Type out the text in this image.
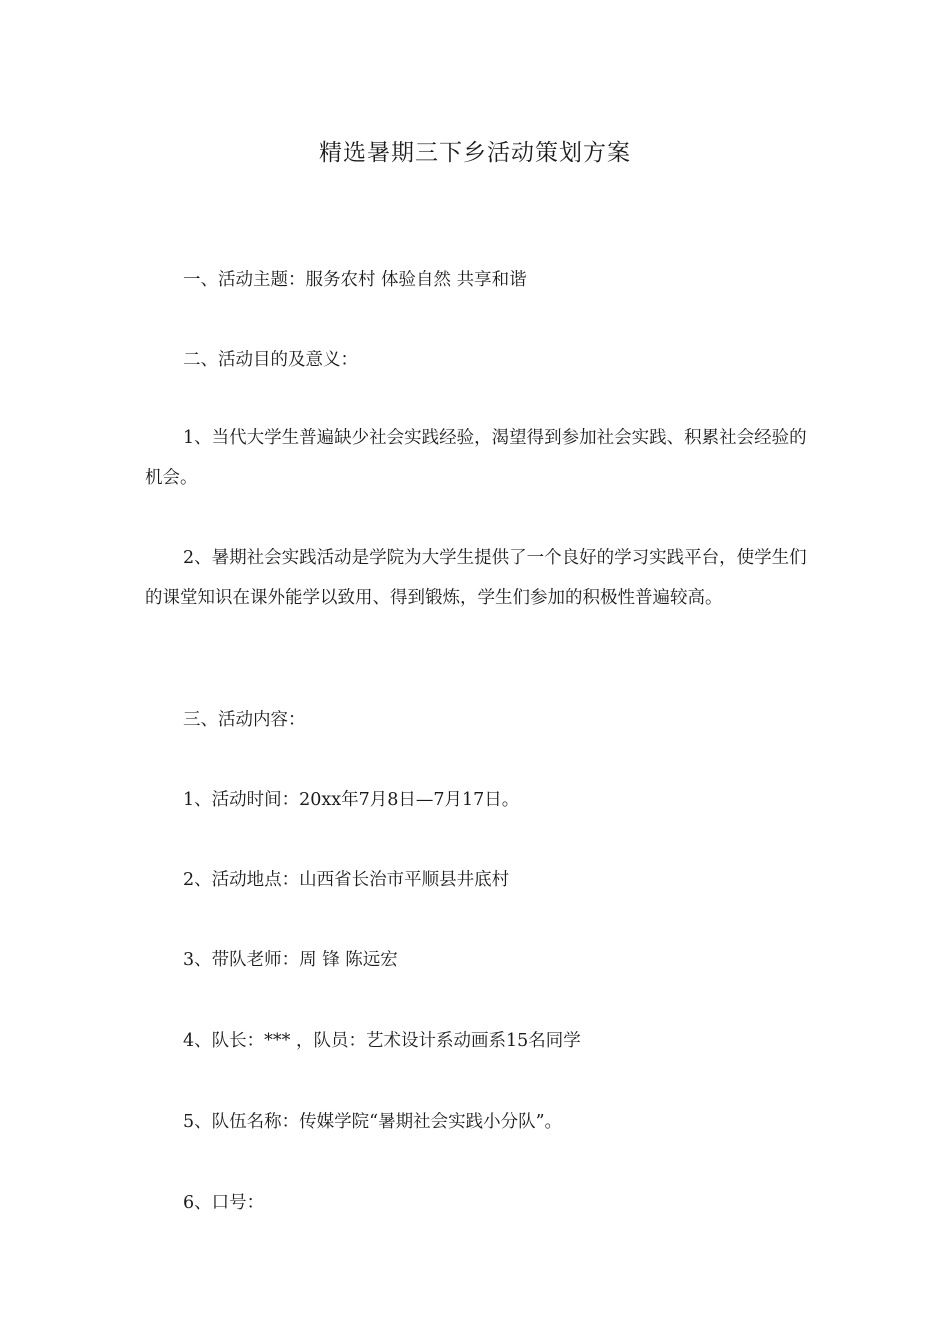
精选暑期三下乡活动策划方案

一、活动主题：服务农村 体验自然 共享和谐

二、活动目的及意义：

1、当代大学生普遍缺少社会实践经验，渴望得到参加社会实践、积累社会经验的机会。

2、暑期社会实践活动是学院为大学生提供了一个良好的学习实践平台，使学生们的课堂知识在课外能学以致用、得到锻炼，学生们参加的积极性普遍较高。

三、活动内容：

1、活动时间：20xx年7月8日—7月17日。

2、活动地点：山西省长治市平顺县井底村

3、带队老师：周 锋 陈远宏

4、队长：*** ，队员：艺术设计系动画系15名同学

5、队伍名称：传媒学院“暑期社会实践小分队”。

6、口号：
